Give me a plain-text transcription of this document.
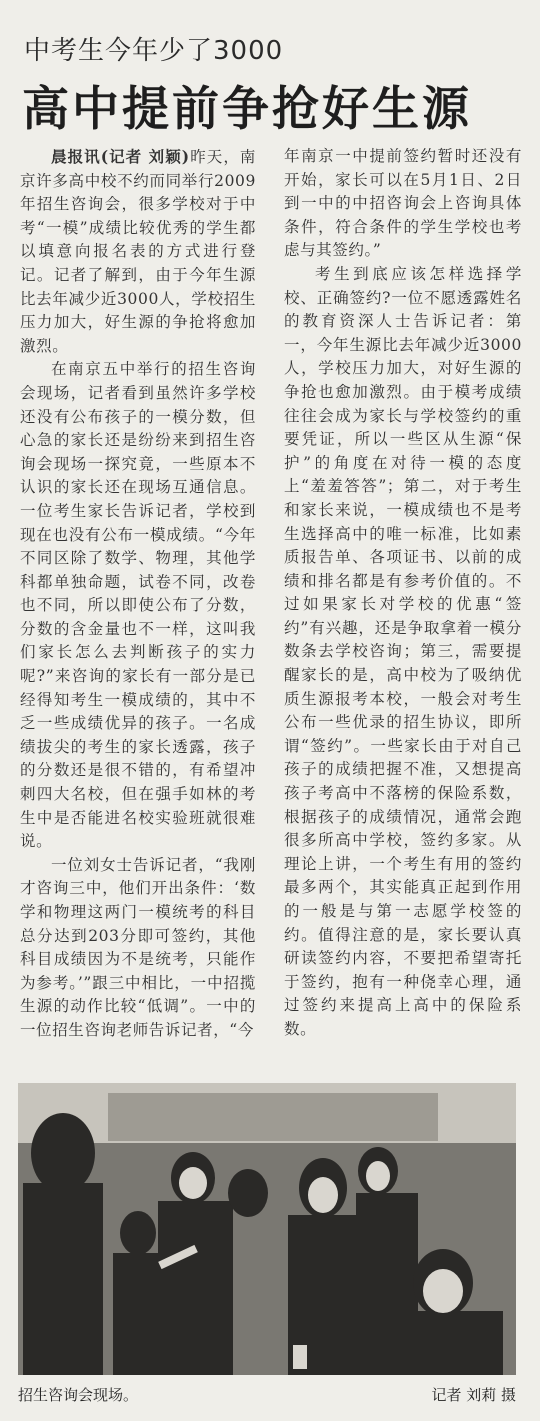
中考生今年少了3000
高中提前争抢好生源

晨报讯(记者 刘颖)昨天，南京许多高中校不约而同举行2009年招生咨询会，很多学校对于中考“一模”成绩比较优秀的学生都以填意向报名表的方式进行登记。记者了解到，由于今年生源比去年减少近3000人，学校招生压力加大，好生源的争抢将愈加激烈。

在南京五中举行的招生咨询会现场，记者看到虽然许多学校还没有公布孩子的一模分数，但心急的家长还是纷纷来到招生咨询会现场一探究竟，一些原本不认识的家长还在现场互通信息。一位考生家长告诉记者，学校到现在也没有公布一模成绩。“今年不同区除了数学、物理，其他学科都单独命题，试卷不同，改卷也不同，所以即使公布了分数，分数的含金量也不一样，这叫我们家长怎么去判断孩子的实力呢?”来咨询的家长有一部分是已经得知考生一模成绩的，其中不乏一些成绩优异的孩子。一名成绩拔尖的考生的家长透露，孩子的分数还是很不错的，有希望冲刺四大名校，但在强手如林的考生中是否能进名校实验班就很难说。

一位刘女士告诉记者，“我刚才咨询三中，他们开出条件：‘数学和物理这两门一模统考的科目总分达到203分即可签约，其他科目成绩因为不是统考，只能作为参考。’”跟三中相比，一中招揽生源的动作比较“低调”。一中的一位招生咨询老师告诉记者，“今

年南京一中提前签约暂时还没有开始，家长可以在5月1日、2日到一中的中招咨询会上咨询具体条件，符合条件的学生学校也考虑与其签约。”

考生到底应该怎样选择学校、正确签约?一位不愿透露姓名的教育资深人士告诉记者：第一，今年生源比去年减少近3000人，学校压力加大，对好生源的争抢也愈加激烈。由于模考成绩往往会成为家长与学校签约的重要凭证，所以一些区从生源“保护”的角度在对待一模的态度上“羞羞答答”；第二，对于考生和家长来说，一模成绩也不是考生选择高中的唯一标准，比如素质报告单、各项证书、以前的成绩和排名都是有参考价值的。不过如果家长对学校的优惠“签约”有兴趣，还是争取拿着一模分数条去学校咨询；第三，需要提醒家长的是，高中校为了吸纳优质生源报考本校，一般会对考生公布一些优录的招生协议，即所谓“签约”。一些家长由于对自己孩子的成绩把握不准，又想提高孩子考高中不落榜的保险系数，根据孩子的成绩情况，通常会跑很多所高中学校，签约多家。从理论上讲，一个考生有用的签约最多两个，其实能真正起到作用的一般是与第一志愿学校签的约。值得注意的是，家长要认真研读签约内容，不要把希望寄托于签约，抱有一种侥幸心理，通过签约来提高上高中的保险系数。

招生咨询会现场。	记者 刘莉 摄
